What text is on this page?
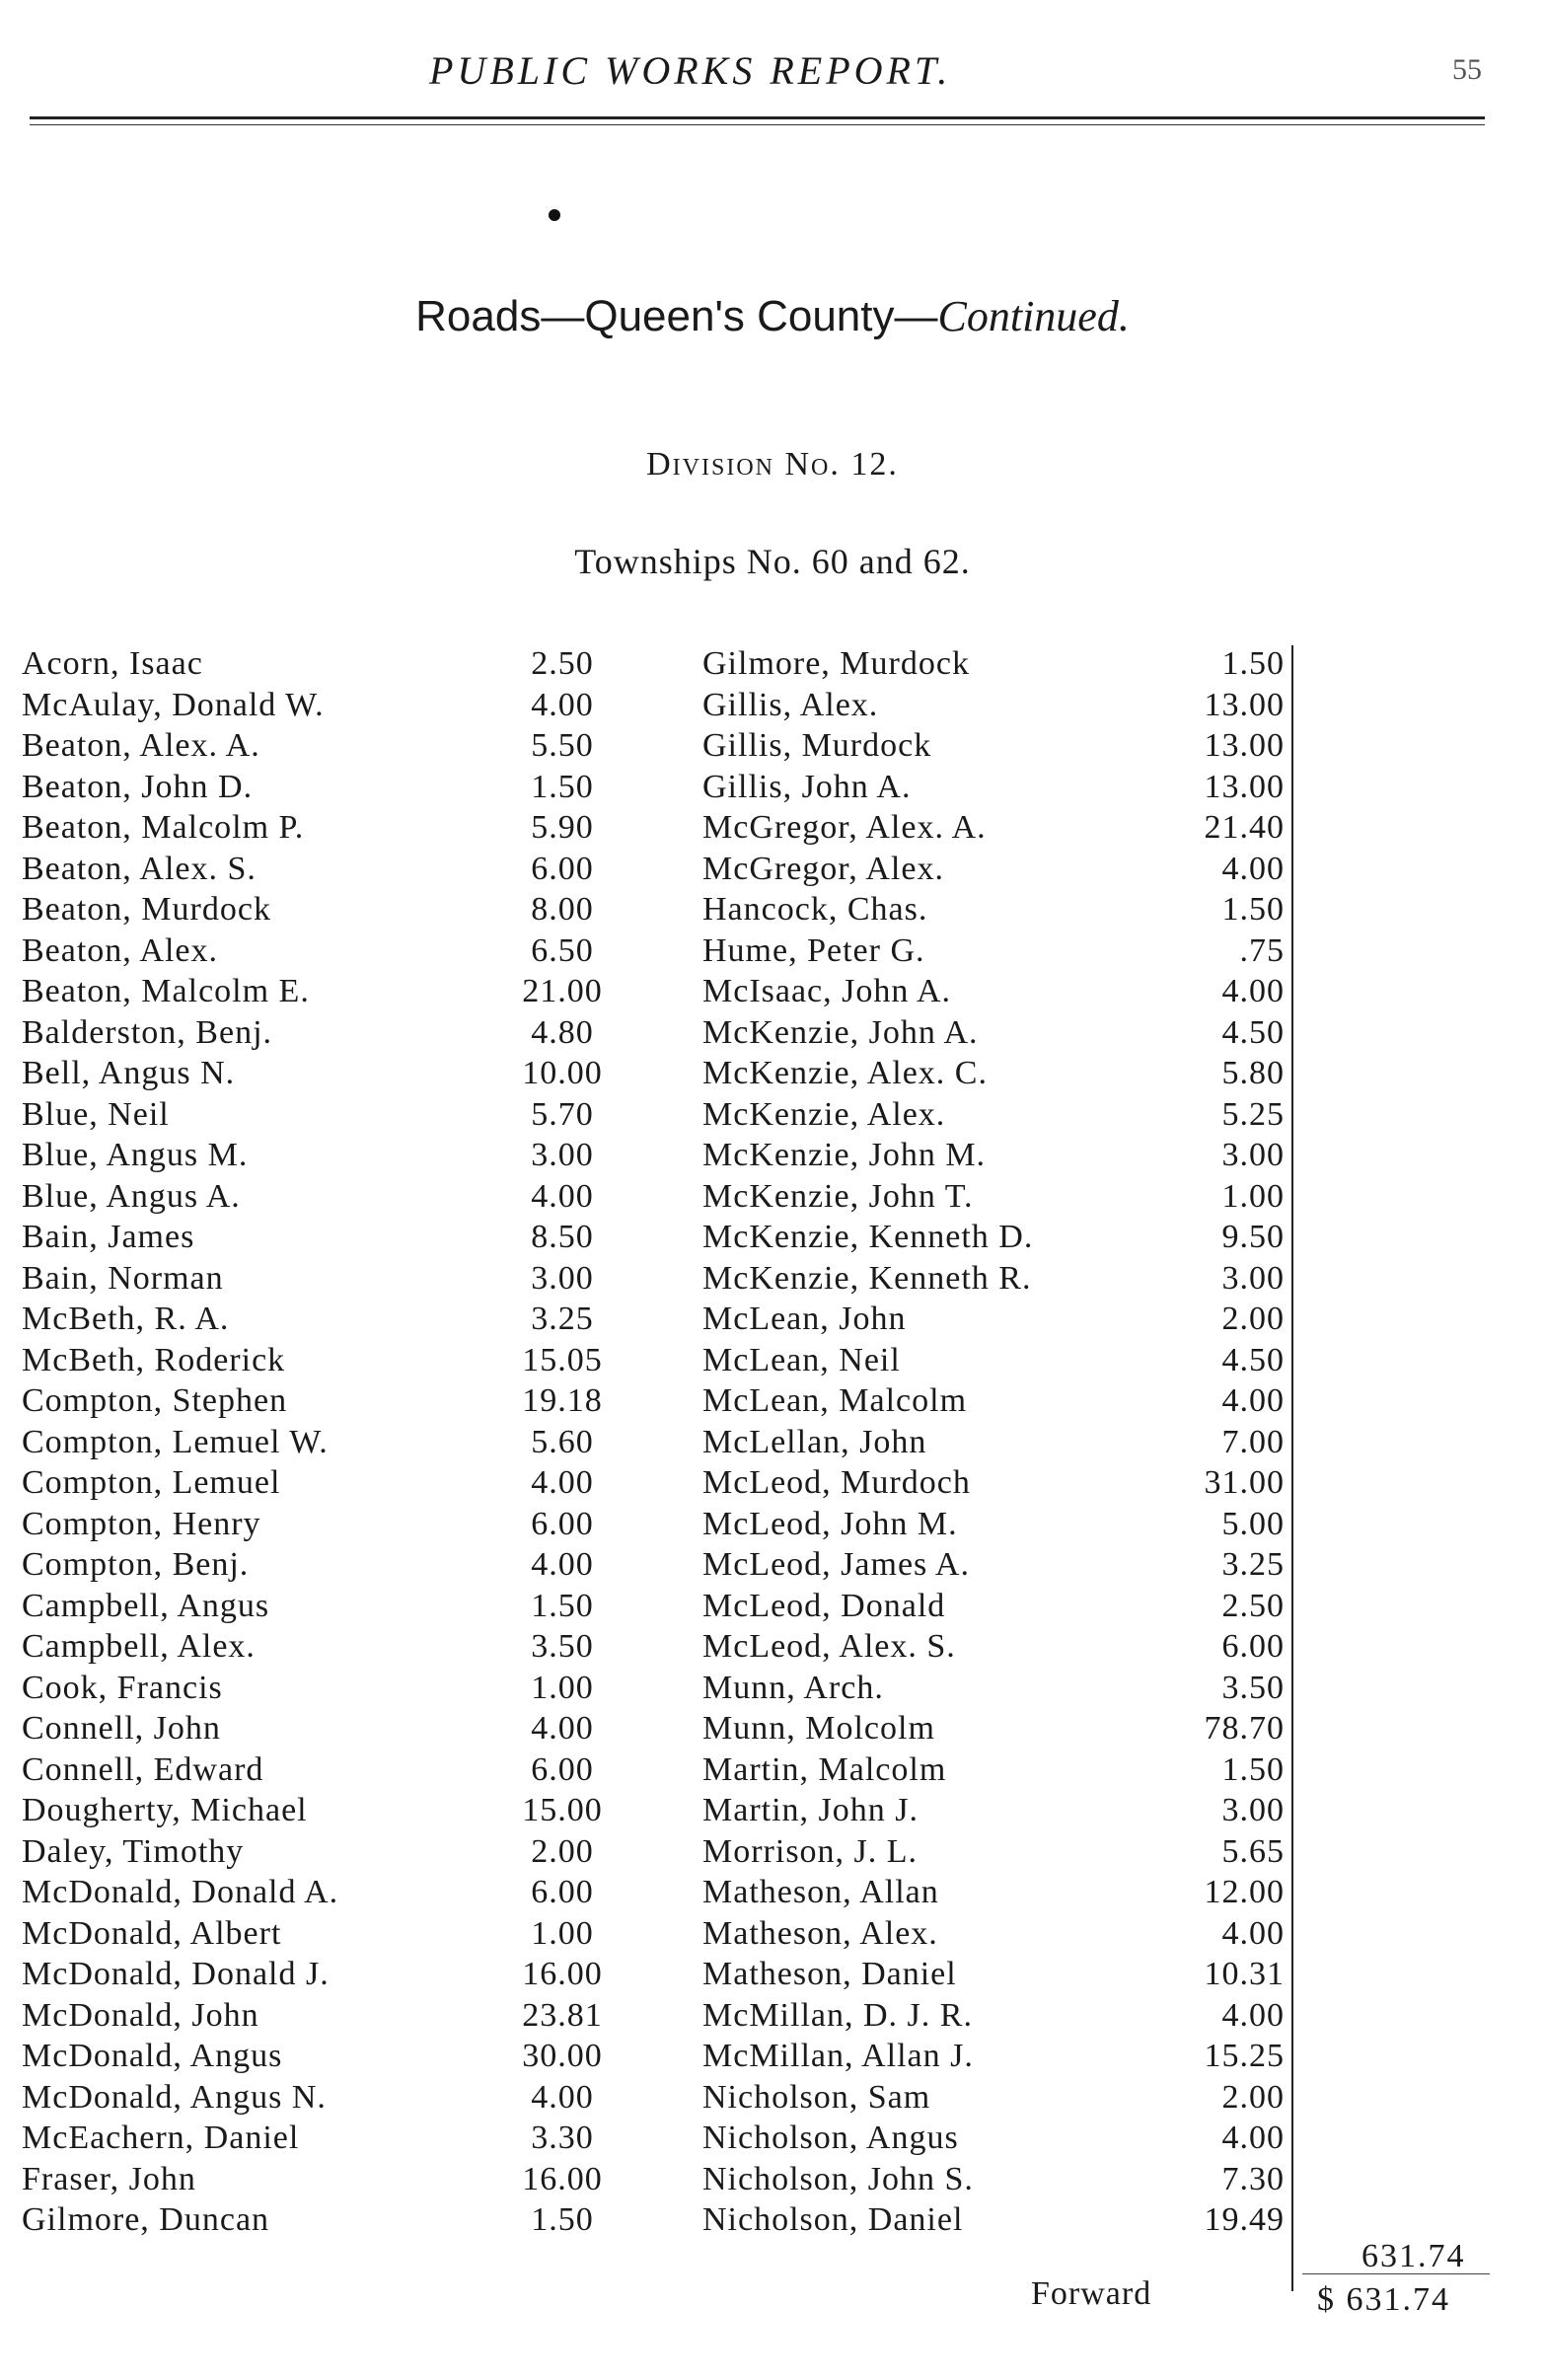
PUBLIC WORKS REPORT.	55
Roads—Queen's County—Continued.
Division No. 12.
Townships No. 60 and 62.
Acorn, Isaac	2.50	Gilmore, Murdock	1.50
McAulay, Donald W.	4.00	Gillis, Alex.	13.00
Beaton, Alex. A.	5.50	Gillis, Murdock	13.00
Beaton, John D.	1.50	Gillis, John A.	13.00
Beaton, Malcolm P.	5.90	McGregor, Alex. A.	21.40
Beaton, Alex. S.	6.00	McGregor, Alex.	4.00
Beaton, Murdock	8.00	Hancock, Chas.	1.50
Beaton, Alex.	6.50	Hume, Peter G.	.75
Beaton, Malcolm E.	21.00	McIsaac, John A.	4.00
Balderston, Benj.	4.80	McKenzie, John A.	4.50
Bell, Angus N.	10.00	McKenzie, Alex. C.	5.80
Blue, Neil	5.70	McKenzie, Alex.	5.25
Blue, Angus M.	3.00	McKenzie, John M.	3.00
Blue, Angus A.	4.00	McKenzie, John T.	1.00
Bain, James	8.50	McKenzie, Kenneth D.	9.50
Bain, Norman	3.00	McKenzie, Kenneth R.	3.00
McBeth, R. A.	3.25	McLean, John	2.00
McBeth, Roderick	15.05	McLean, Neil	4.50
Compton, Stephen	19.18	McLean, Malcolm	4.00
Compton, Lemuel W.	5.60	McLellan, John	7.00
Compton, Lemuel	4.00	McLeod, Murdoch	31.00
Compton, Henry	6.00	McLeod, John M.	5.00
Compton, Benj.	4.00	McLeod, James A.	3.25
Campbell, Angus	1.50	McLeod, Donald	2.50
Campbell, Alex.	3.50	McLeod, Alex. S.	6.00
Cook, Francis	1.00	Munn, Arch.	3.50
Connell, John	4.00	Munn, Molcolm	78.70
Connell, Edward	6.00	Martin, Malcolm	1.50
Dougherty, Michael	15.00	Martin, John J.	3.00
Daley, Timothy	2.00	Morrison, J. L.	5.65
McDonald, Donald A.	6.00	Matheson, Allan	12.00
McDonald, Albert	1.00	Matheson, Alex.	4.00
McDonald, Donald J.	16.00	Matheson, Daniel	10.31
McDonald, John	23.81	McMillan, D. J. R.	4.00
McDonald, Angus	30.00	McMillan, Allan J.	15.25
McDonald, Angus N.	4.00	Nicholson, Sam	2.00
McEachern, Daniel	3.30	Nicholson, Angus	4.00
Fraser, John	16.00	Nicholson, John S.	7.30
Gilmore, Duncan	1.50	Nicholson, Daniel	19.49
631.74
Forward	$ 631.74
